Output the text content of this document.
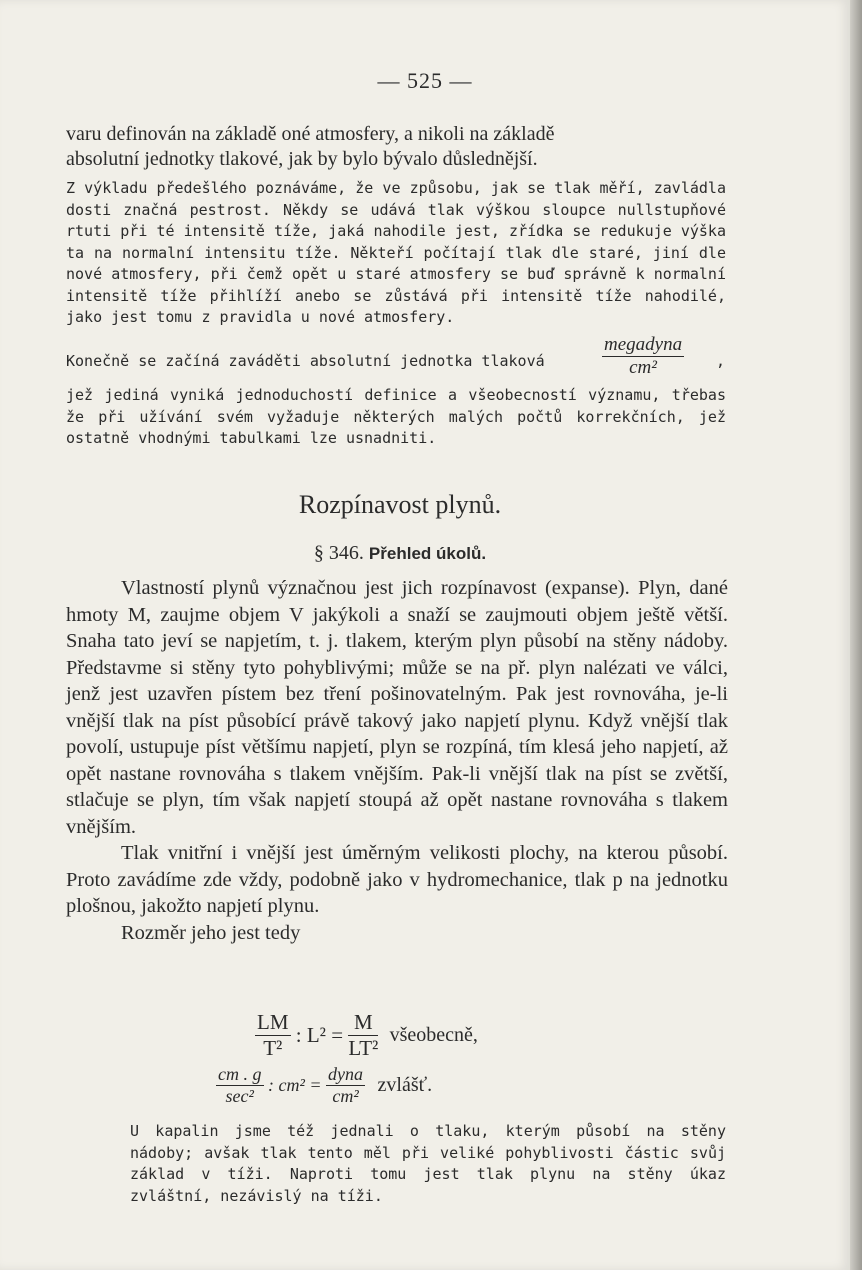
— 525 —
varu definován na základě oné atmosfery, a nikoli na základě
absolutní jednotky tlakové, jak by bylo bývalo důslednější.
Z výkladu předešlého poznáváme, že ve způsobu, jak se tlak měří, zavládla dosti značná pestrost. Někdy se udává tlak výškou sloupce nullstupňové rtuti při té intensitě tíže, jaká nahodile jest, zřídka se redukuje výška ta na normalní intensitu tíže. Někteří počítají tlak dle staré, jiní dle nové atmosfery, při čemž opět u staré atmosfery se buď správně k normalní intensitě tíže přihlíží anebo se zůstává při intensitě tíže nahodilé, jako jest tomu z pravidla u nové atmosfery.
Konečně se začíná zaváděti absolutní jednotka tlaková
megadyna
cm²	,
jež jediná vyniká jednoduchostí definice a všeobecností významu, třebas že při užívání svém vyžaduje některých malých počtů korrekčních, jež ostatně vhodnými tabulkami lze usnadniti.
Rozpínavost plynů.
§ 346. Přehled úkolů.

Vlastností plynů význačnou jest jich rozpínavost (expanse). Plyn, dané hmoty M, zaujme objem V jakýkoli a snaží se zaujmouti objem ještě větší. Snaha tato jeví se napjetím, t. j. tlakem, kterým plyn působí na stěny nádoby. Představme si stěny tyto pohyblivými; může se na př. plyn nalézati ve válci, jenž jest uzavřen pístem bez tření pošinovatelným. Pak jest rovnováha, je-li vnější tlak na píst působící právě takový jako napjetí plynu. Když vnější tlak povolí, ustupuje píst většímu napjetí, plyn se rozpíná, tím klesá jeho napjetí, až opět nastane rovnováha s tlakem vnějším. Pak-li vnější tlak na píst se zvětší, stlačuje se plyn, tím však napjetí stoupá až opět nastane rovnováha s tlakem vnějším.

Tlak vnitřní i vnější jest úměrným velikosti plochy, na kterou působí. Proto zavádíme zde vždy, podobně jako v hydromechanice, tlak p na jednotku plošnou, jakožto napjetí plynu.

Rozměr jeho jest tedy

$\frac{LM}{\text{T²}}$ : $L^2 = \frac{M}{\text{LT²}}$ všeobecně,
$\frac{cm . g}{\text{sec²}}$ : $cm^2 = \frac{\text{dyna}}{\text{cm²}}$ zvlášť.
U kapalin jsme též jednali o tlaku, kterým působí na stěny nádoby; avšak tlak tento měl při veliké pohyblivosti částic svůj základ v tíži. Naproti tomu jest tlak plynu na stěny úkaz zvláštní, nezávislý na tíži.
